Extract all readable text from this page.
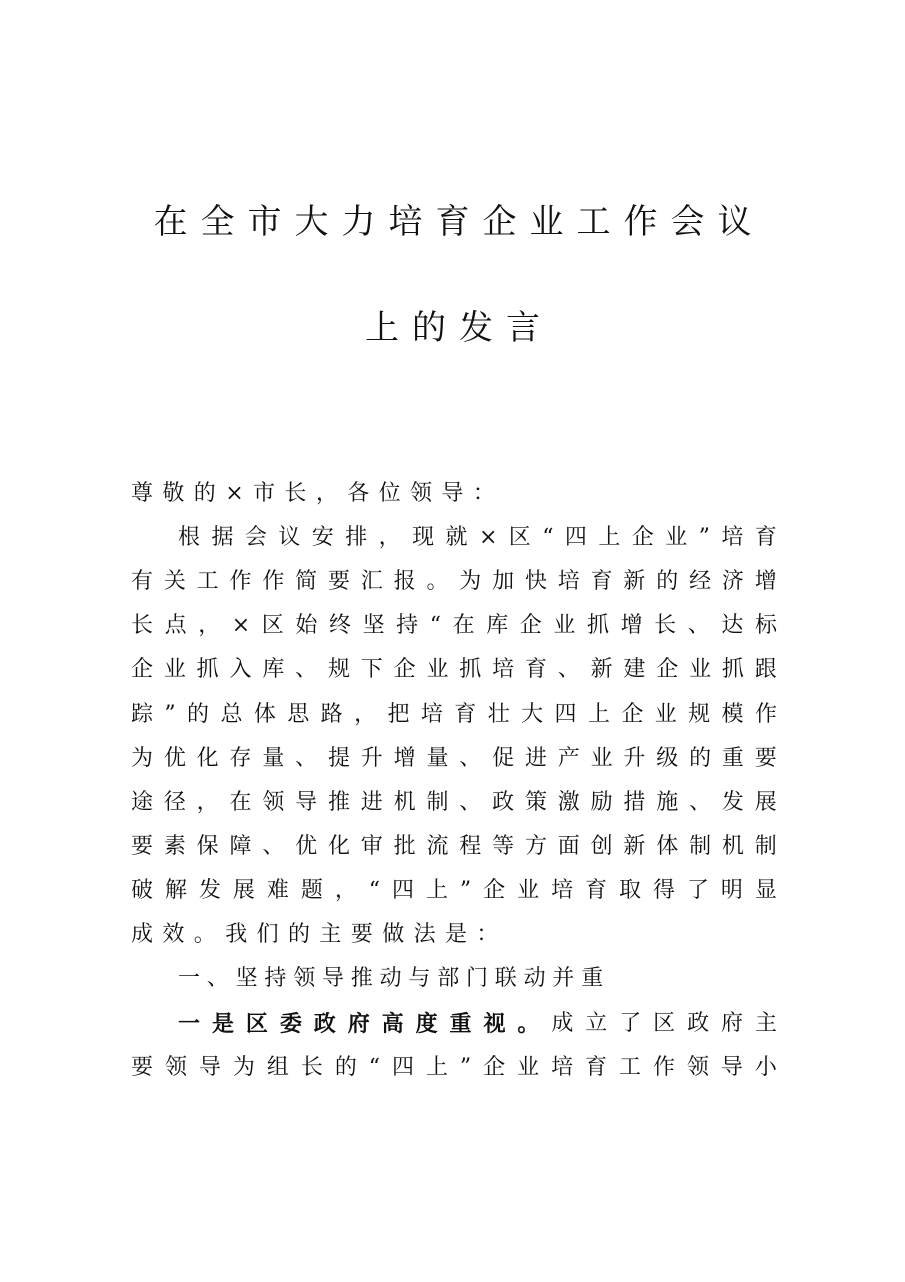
在全市大力培育企业工作会议
上的发言
尊敬的×市长，各位领导：
根 据 会 议 安 排 ， 现 就 × 区 “ 四 上 企 业 ” 培 育
有 关 工 作 作 简 要 汇 报 。 为 加 快 培 育 新 的 经 济 增
长 点 ， × 区 始 终 坚 持 “ 在 库 企 业 抓 增 长 、 达 标
企 业 抓 入 库 、 规 下 企 业 抓 培 育 、 新 建 企 业 抓 跟
踪 ” 的 总 体 思 路 ， 把 培 育 壮 大 四 上 企 业 规 模 作
为 优 化 存 量 、 提 升 增 量 、 促 进 产 业 升 级 的 重 要
途 径 ， 在 领 导 推 进 机 制 、 政 策 激 励 措 施 、 发 展
要 素 保 障 、 优 化 审 批 流 程 等 方 面 创 新 体 制 机 制
破 解 发 展 难 题 ， “ 四 上 ” 企 业 培 育 取 得 了 明 显
成效。我们的主要做法是：
一、坚持领导推动与部门联动并重
一 是 区 委 政 府 高 度 重 视 。 成 立 了 区 政 府 主
要 领 导 为 组 长 的 “ 四 上 ” 企 业 培 育 工 作 领 导 小
